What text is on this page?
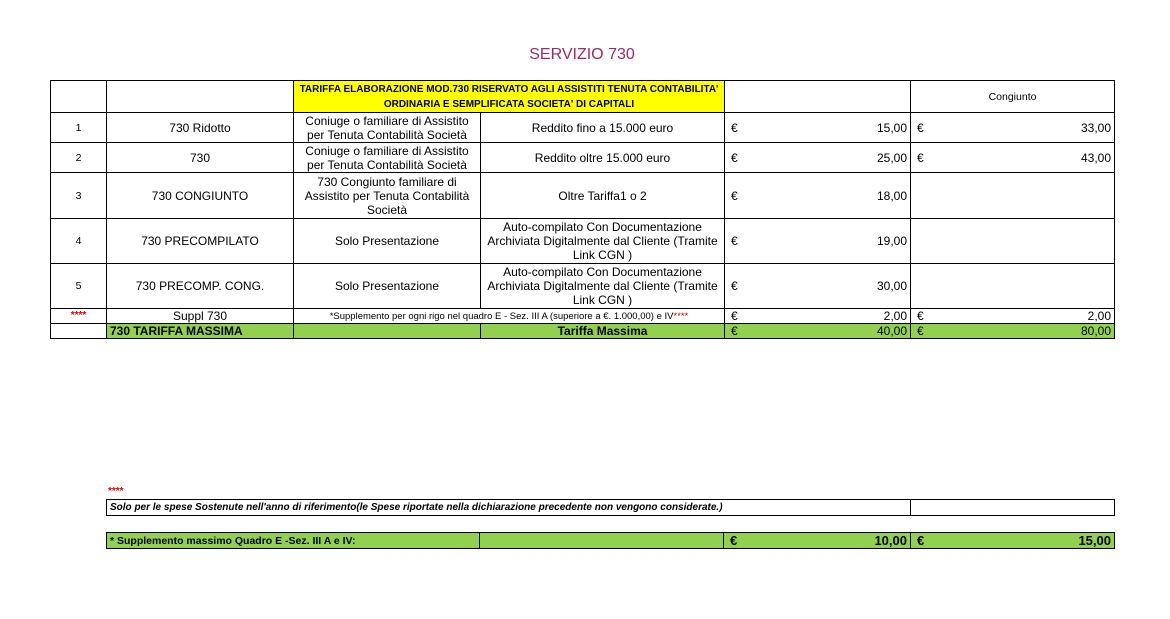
SERVIZIO 730
		TARIFFA ELABORAZIONE MOD.730 RISERVATO AGLI ASSISTITI TENUTA CONTABILITA' ORDINARIA E SEMPLIFICATA SOCIETA' DI CAPITALI			Congiunto
1	730 Ridotto	Coniuge o familiare di Assistito per Tenuta Contabilità Società	Reddito fino a 15.000 euro	€ 15,00	€ 33,00

2	730	Coniuge o familiare di Assistito per Tenuta Contabilità Società	Reddito oltre 15.000 euro	€ 25,00	€ 43,00

3	730 CONGIUNTO	730 Congiunto familiare di Assistito per Tenuta Contabilità Società	Oltre Tariffa1 o 2	€ 18,00	

4	730 PRECOMPILATO	Solo Presentazione	Auto-compilato Con Documentazione Archiviata Digitalmente dal Cliente (Tramite Link CGN )	€ 19,00	

5	730 PRECOMP. CONG.	Solo Presentazione	Auto-compilato Con Documentazione Archiviata Digitalmente dal Cliente (Tramite Link CGN )	€ 30,00	

****	Suppl 730	*Supplemento per ogni rigo nel quadro E - Sez. III A (superiore a €. 1.000,00) e IV****		€ 2,00	€ 2,00

	730 TARIFFA MASSIMA		Tariffa Massima	€ 40,00	€ 80,00
****
Solo per le spese Sostenute nell'anno di riferimento(le Spese riportate nella dichiarazione precedente non vengono considerate.)	
* Supplemento massimo Quadro E -Sez. III A e IV:		€	10,00	€	15,00
